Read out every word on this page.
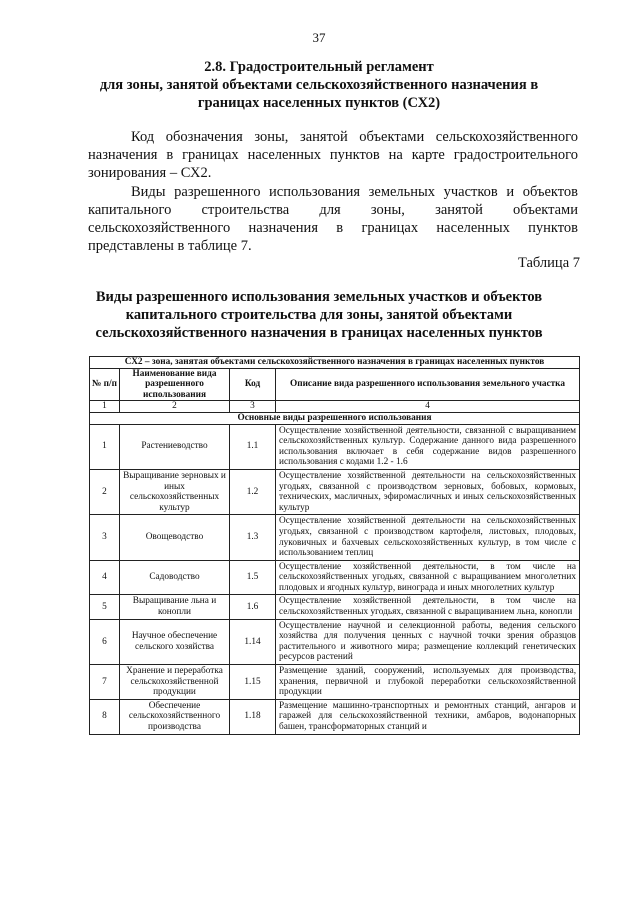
37
2.8. Градостроительный регламент
для зоны, занятой объектами сельскохозяйственного назначения в
границах населенных пунктов (СХ2)
Код обозначения зоны, занятой объектами сельскохозяйственного
назначения в границах населенных пунктов на карте градостроительного
зонирования – СХ2.
Виды разрешенного использования земельных участков и объектов
капитального строительства для зоны, занятой объектами
сельскохозяйственного назначения в границах населенных пунктов
представлены в таблице 7.
Таблица 7
Виды разрешенного использования земельных участков и объектов
капитального строительства для зоны, занятой объектами
сельскохозяйственного назначения в границах населенных пунктов
СХ2 – зона, занятая объектами сельскохозяйственного назначения в границах населенных пунктов			
№ п/п	Наименование вида разрешенного использования	Код	Описание вида разрешенного использования земельного участка
1	2	3	4
Основные виды разрешенного использования			
1	Растениеводство	1.1	Осуществление хозяйственной деятельности, связанной с выращиванием сельскохозяйственных культур. Содержание данного вида разрешенного использования включает в себя содержание видов разрешенного использования с кодами 1.2 - 1.6
2	Выращивание зерновых и иных сельскохозяйственных культур	1.2	Осуществление хозяйственной деятельности на сельскохозяйственных угодьях, связанной с производством зерновых, бобовых, кормовых, технических, масличных, эфиромасличных и иных сельскохозяйственных культур
3	Овощеводство	1.3	Осуществление хозяйственной деятельности на сельскохозяйственных угодьях, связанной с производством картофеля, листовых, плодовых, луковичных и бахчевых сельскохозяйственных культур, в том числе с использованием теплиц
4	Садоводство	1.5	Осуществление хозяйственной деятельности, в том числе на сельскохозяйственных угодьях, связанной с выращиванием многолетних плодовых и ягодных культур, винограда и иных многолетних культур
5	Выращивание льна и конопли	1.6	Осуществление хозяйственной деятельности, в том числе на сельскохозяйственных угодьях, связанной с выращиванием льна, конопли
6	Научное обеспечение сельского хозяйства	1.14	Осуществление научной и селекционной работы, ведения сельского хозяйства для получения ценных с научной точки зрения образцов растительного и животного мира; размещение коллекций генетических ресурсов растений
7	Хранение и переработка сельскохозяйственной продукции	1.15	Размещение зданий, сооружений, используемых для производства, хранения, первичной и глубокой переработки сельскохозяйственной продукции
8	Обеспечение сельскохозяйственного производства	1.18	Размещение машинно-транспортных и ремонтных станций, ангаров и гаражей для сельскохозяйственной техники, амбаров, водонапорных башен, трансформаторных станций и
